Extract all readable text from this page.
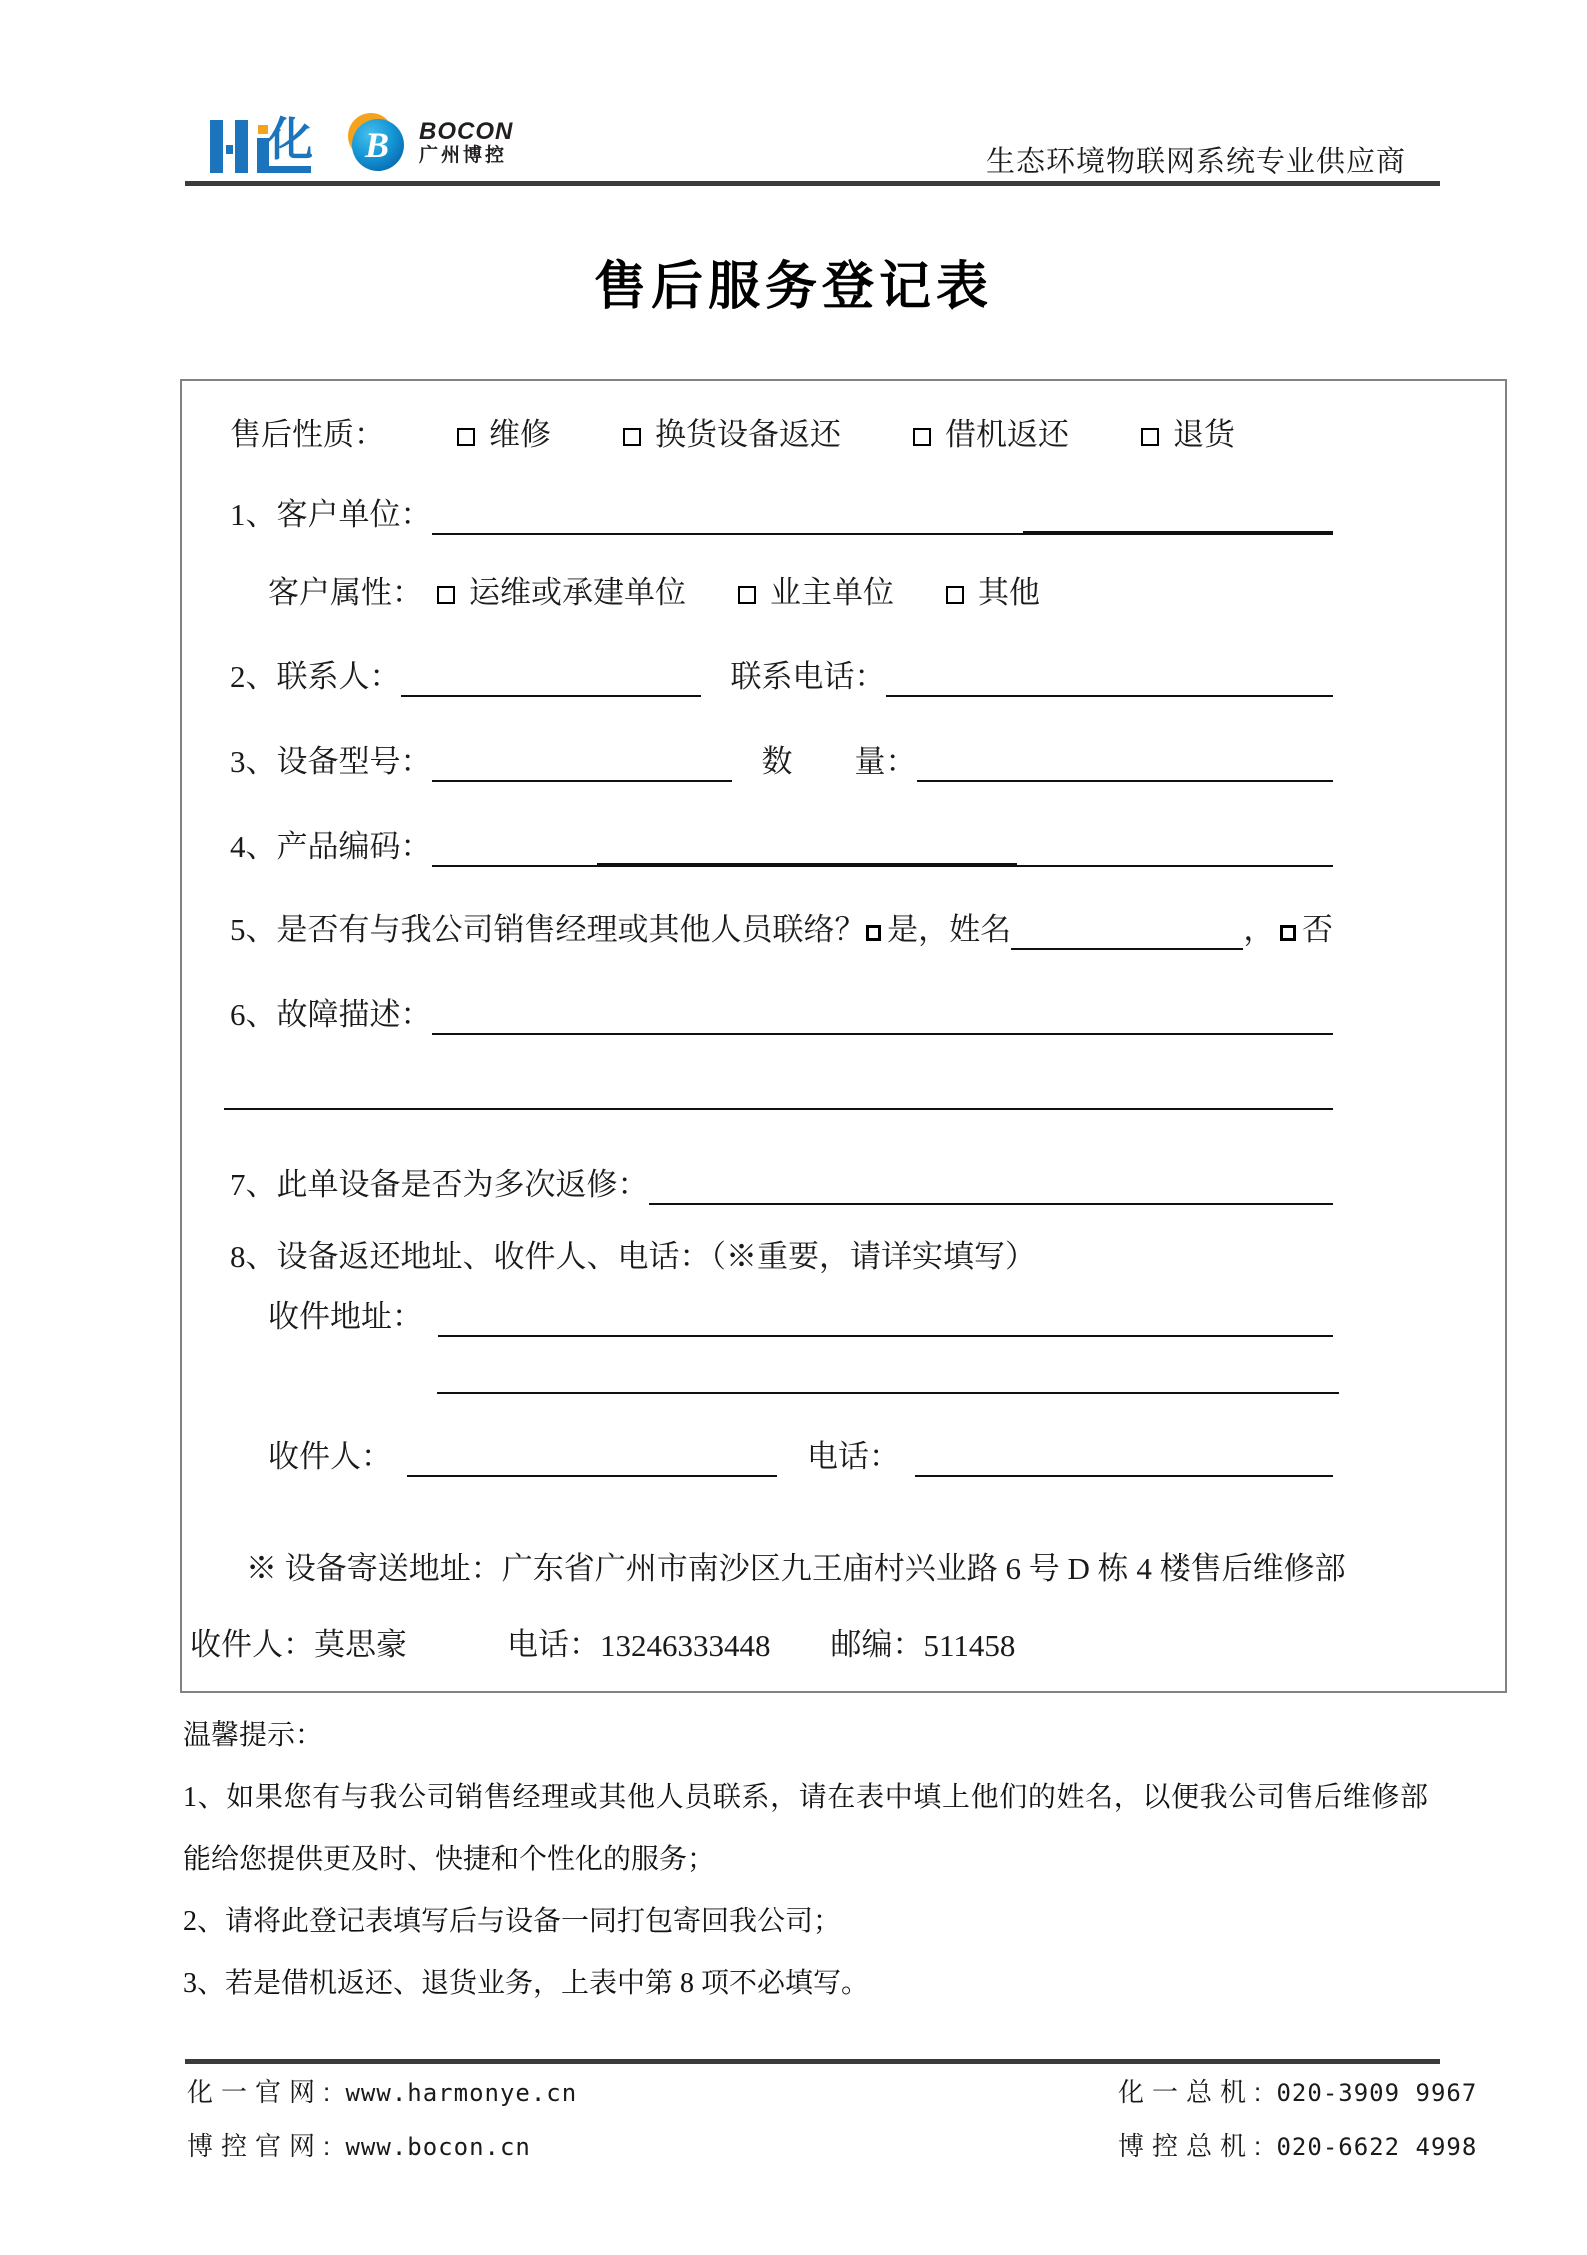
化 B BOCON
广州博控	生态环境物联网系统专业供应商
售后服务登记表
售后性质：	维修	换货设备返还	借机返还	退货
1、客户单位：
客户属性： 运维或承建单位	业主单位	其他
2、联系人：	联系电话：
3、设备型号：	数　　量：
4、产品编码：
5、是否有与我公司销售经理或其他人员联络？ 是，姓名	， 否
6、故障描述：
7、此单设备是否为多次返修：
8、设备返还地址、收件人、电话：（※重要，请详实填写）
收件地址：
收件人：	电话：
※ 设备寄送地址：广东省广州市南沙区九王庙村兴业路 6 号 D 栋 4 楼售后维修部
收件人： 莫思豪	电话： 13246333448 邮编： 511458

温馨提示：

1、如果您有与我公司销售经理或其他人员联系，请在表中填上他们的姓名，以便我公司售后维修部能给您提供更及时、快捷和个性化的服务；

2、请将此登记表填写后与设备一同打包寄回我公司；

3、若是借机返还、退货业务，上表中第 8 项不必填写。

化一官网: www.harmonye.cn
博控官网: www.bocon.cn
化一总机: 020-3909 9967
博控总机: 020-6622 4998
